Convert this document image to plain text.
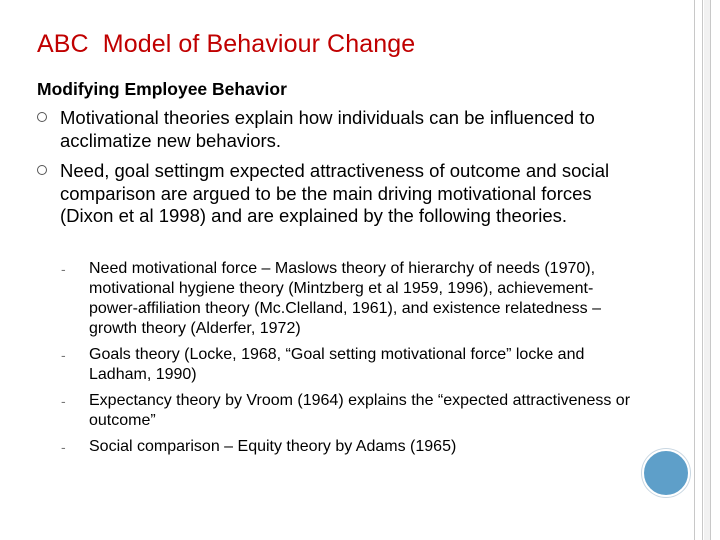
ABC  Model of Behaviour Change
Modifying Employee Behavior
Motivational theories explain how individuals can be influenced to acclimatize new behaviors.
Need, goal settingm expected attractiveness of outcome and social comparison are argued to be the main driving motivational forces (Dixon et al 1998) and are explained by the following theories.
- Need motivational force – Maslows theory of hierarchy of needs (1970), motivational hygiene theory (Mintzberg et al 1959, 1996), achievement-power-affiliation theory (Mc.Clelland, 1961), and existence relatedness –growth theory (Alderfer, 1972)
- Goals theory (Locke, 1968, “Goal setting motivational force” locke and Ladham, 1990)
- Expectancy theory by Vroom (1964) explains the “expected attractiveness or outcome”
- Social comparison – Equity theory by Adams (1965)
